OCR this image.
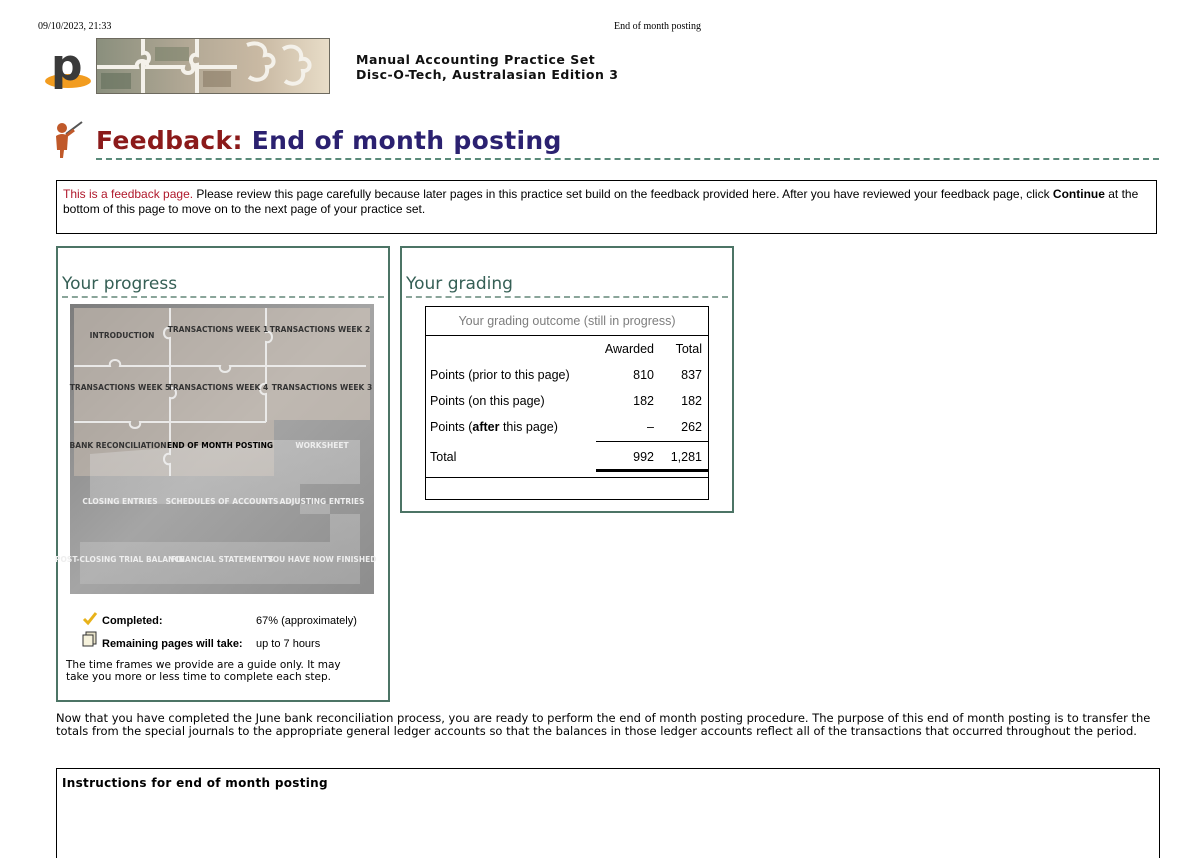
09/10/2023, 21:33	End of month posting
p	Manual Accounting Practice Set
Disc-O-Tech, Australasian Edition 3
Feedback: End of month posting
This is a feedback page. Please review this page carefully because later pages in this practice set build on the feedback provided here. After you have reviewed your feedback page, click Continue at the bottom of this page to move on to the next page of your practice set.
Your progress
INTRODUCTION
TRANSACTIONS WEEK 1 TRANSACTIONS WEEK 2
TRANSACTIONS WEEK 5
TRANSACTIONS WEEK 4 TRANSACTIONS WEEK 3
BANK RECONCILIATION END OF MONTH POSTING	WORKSHEET
CLOSING ENTRIES SCHEDULES OF ACCOUNTS ADJUSTING ENTRIES
POST-CLOSING TRIAL BALANCE
FINANCIAL STATEMENTS
YOU HAVE NOW FINISHED
Completed:	67% (approximately)
Remaining pages will take: up to 7 hours
The time frames we provide are a guide only. It may take you more or less time to complete each step.
Your grading
Your grading outcome (still in progress)
Awarded Total
Points (prior to this page)	810 837
Points (on this page)	182 182
Points (after this page)	– 262
Total	992 1,281
Now that you have completed the June bank reconciliation process, you are ready to perform the end of month posting procedure. The purpose of this end of month posting is to transfer the totals from the special journals to the appropriate general ledger accounts so that the balances in those ledger accounts reflect all of the transactions that occurred throughout the period.
Instructions for end of month posting
